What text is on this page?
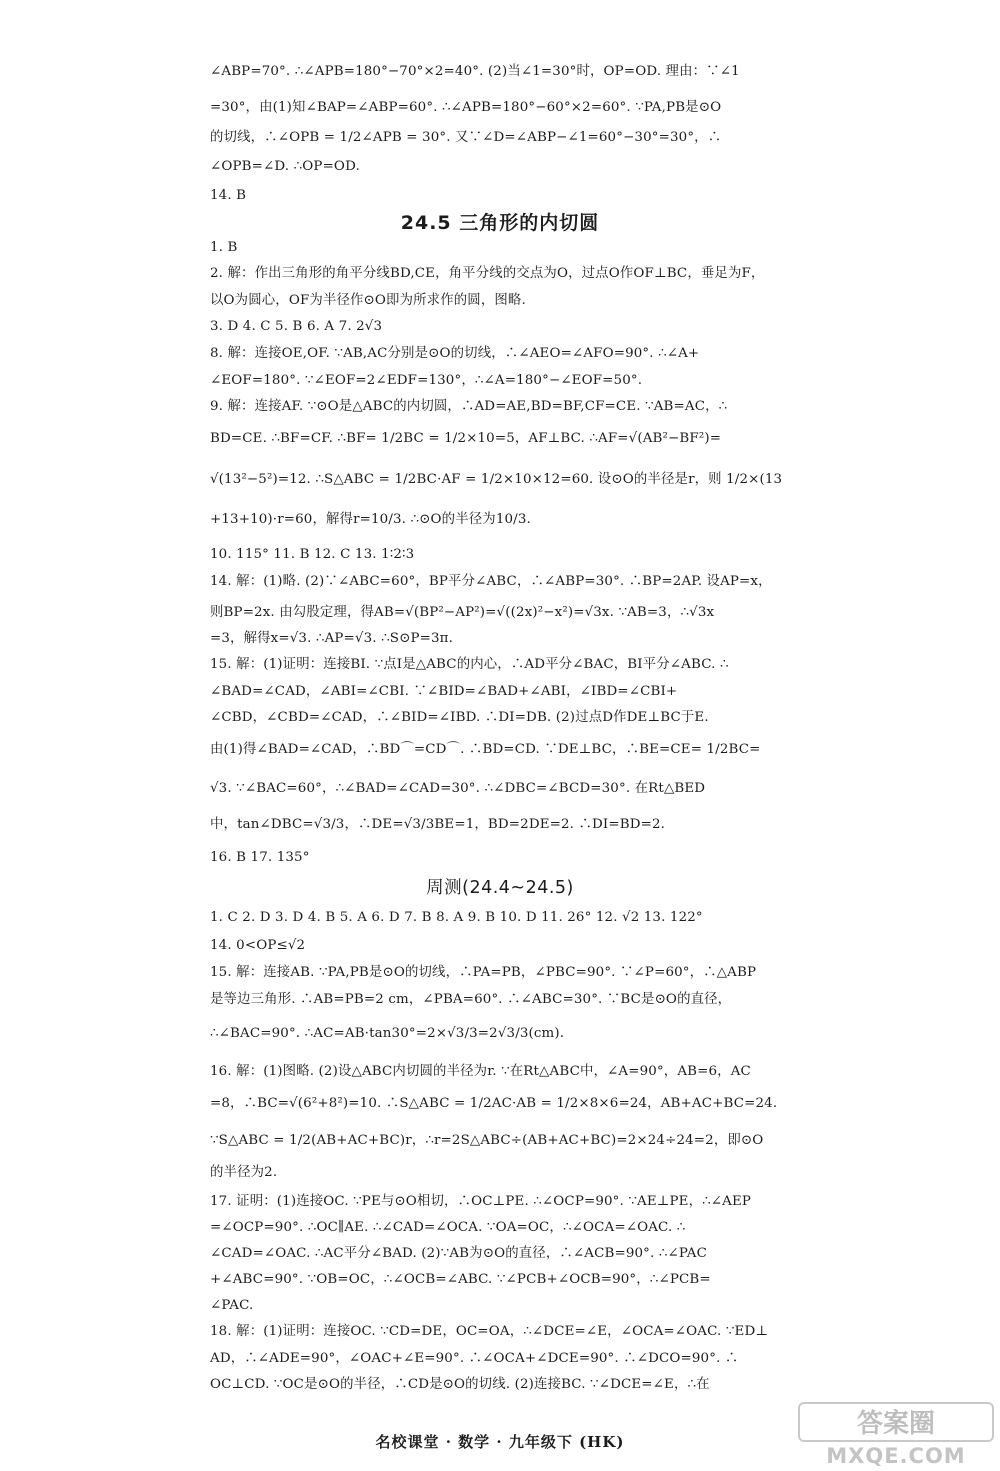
∠ABP=70°. ∴∠APB=180°−70°×2=40°. (2)当∠1=30°时，OP=OD. 理由：∵∠1
=30°，由(1)知∠BAP=∠ABP=60°. ∴∠APB=180°−60°×2=60°. ∵PA,PB是⊙O
的切线，∴∠OPB = 1/2∠APB = 30°. 又∵∠D=∠ABP−∠1=60°−30°=30°，∴
∠OPB=∠D. ∴OP=OD.
14. B
24.5 三角形的内切圆
1. B
2. 解：作出三角形的角平分线BD,CE，角平分线的交点为O，过点O作OF⊥BC，垂足为F，
以O为圆心，OF为半径作⊙O即为所求作的圆，图略.
3. D 4. C 5. B 6. A 7. 2√3
8. 解：连接OE,OF. ∵AB,AC分别是⊙O的切线，∴∠AEO=∠AFO=90°. ∴∠A+
∠EOF=180°. ∵∠EOF=2∠EDF=130°，∴∠A=180°−∠EOF=50°.
9. 解：连接AF. ∵⊙O是△ABC的内切圆，∴AD=AE,BD=BF,CF=CE. ∵AB=AC，∴
BD=CE. ∴BF=CF. ∴BF= 1/2BC = 1/2×10=5，AF⊥BC. ∴AF=√(AB²−BF²)=
√(13²−5²)=12. ∴S△ABC = 1/2BC·AF = 1/2×10×12=60. 设⊙O的半径是r，则 1/2×(13
+13+10)·r=60，解得r=10/3. ∴⊙O的半径为10/3.
10. 115° 11. B 12. C 13. 1∶2∶3
14. 解：(1)略. (2)∵∠ABC=60°，BP平分∠ABC，∴∠ABP=30°. ∴BP=2AP. 设AP=x，
则BP=2x. 由勾股定理，得AB=√(BP²−AP²)=√((2x)²−x²)=√3x. ∵AB=3，∴√3x
=3，解得x=√3. ∴AP=√3. ∴S⊙P=3π.
15. 解：(1)证明：连接BI. ∵点I是△ABC的内心，∴AD平分∠BAC，BI平分∠ABC. ∴
∠BAD=∠CAD，∠ABI=∠CBI. ∵∠BID=∠BAD+∠ABI，∠IBD=∠CBI+
∠CBD，∠CBD=∠CAD，∴∠BID=∠IBD. ∴DI=DB. (2)过点D作DE⊥BC于E.
由(1)得∠BAD=∠CAD，∴BD⌒=CD⌒. ∴BD=CD. ∵DE⊥BC，∴BE=CE= 1/2BC=
√3. ∵∠BAC=60°，∴∠BAD=∠CAD=30°. ∴∠DBC=∠BCD=30°. 在Rt△BED
中，tan∠DBC=√3/3，∴DE=√3/3BE=1，BD=2DE=2. ∴DI=BD=2.
16. B 17. 135°
周测(24.4~24.5)
1. C 2. D 3. D 4. B 5. A 6. D 7. B 8. A 9. B 10. D 11. 26° 12. √2 13. 122°
14. 0<OP≤√2
15. 解：连接AB. ∵PA,PB是⊙O的切线，∴PA=PB，∠PBC=90°. ∵∠P=60°，∴△ABP
是等边三角形. ∴AB=PB=2 cm，∠PBA=60°. ∴∠ABC=30°. ∵BC是⊙O的直径，
∴∠BAC=90°. ∴AC=AB·tan30°=2×√3/3=2√3/3(cm).
16. 解：(1)图略. (2)设△ABC内切圆的半径为r. ∵在Rt△ABC中，∠A=90°，AB=6，AC
=8，∴BC=√(6²+8²)=10. ∴S△ABC = 1/2AC·AB = 1/2×8×6=24，AB+AC+BC=24.
∵S△ABC = 1/2(AB+AC+BC)r，∴r=2S△ABC÷(AB+AC+BC)=2×24÷24=2，即⊙O
的半径为2.
17. 证明：(1)连接OC. ∵PE与⊙O相切，∴OC⊥PE. ∴∠OCP=90°. ∵AE⊥PE，∴∠AEP
=∠OCP=90°. ∴OC∥AE. ∴∠CAD=∠OCA. ∵OA=OC，∴∠OCA=∠OAC. ∴
∠CAD=∠OAC. ∴AC平分∠BAD. (2)∵AB为⊙O的直径，∴∠ACB=90°. ∴∠PAC
+∠ABC=90°. ∵OB=OC，∴∠OCB=∠ABC. ∵∠PCB+∠OCB=90°，∴∠PCB=
∠PAC.
18. 解：(1)证明：连接OC. ∵CD=DE，OC=OA，∴∠DCE=∠E，∠OCA=∠OAC. ∵ED⊥
AD，∴∠ADE=90°，∠OAC+∠E=90°. ∴∠OCA+∠DCE=90°. ∴∠DCO=90°. ∴
OC⊥CD. ∵OC是⊙O的半径，∴CD是⊙O的切线. (2)连接BC. ∵∠DCE=∠E，∴在
名校课堂 · 数学 · 九年级下 (HK)
答案圈
MXQE.COM
